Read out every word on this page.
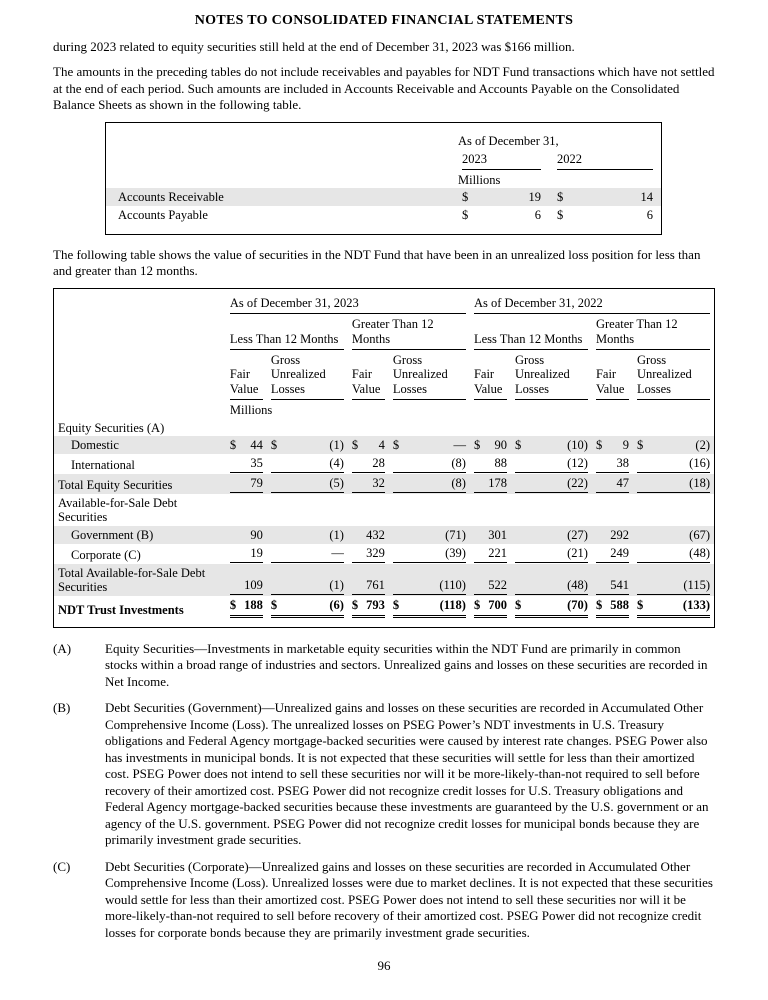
NOTES TO CONSOLIDATED FINANCIAL STATEMENTS

during 2023 related to equity securities still held at the end of December 31, 2023 was $166 million.

The amounts in the preceding tables do not include receivables and payables for NDT Fund transactions which have not settled at the end of each period. Such amounts are included in Accounts Receivable and Accounts Payable on the Consolidated Balance Sheets as shown in the following table.

	As of December 31,	

	2023	2022

	Millions	
Accounts Receivable	$ 19	$ 14

Accounts Payable	$ 6	$ 6

The following table shows the value of securities in the NDT Fund that have been in an unrealized loss position for less than and greater than 12 months.

	As of December 31, 2023				As of December 31, 2022			

	Less Than 12 Months		Greater Than 12 Months		Less Than 12 Months		Greater Than 12 Months	

	Fair Value	Gross Unrealized Losses	Fair Value	Gross Unrealized Losses	Fair Value	Gross Unrealized Losses	Fair Value	Gross Unrealized Losses

	Millions							
Equity Securities (A)								
Domestic	$ 44	$ (1)	$ 4	$ —	$ 90	$ (10)	$ 9	$ (2)

International	35	(4)	28	(8)	88	(12)	38	(16)

Total Equity Securities	79	(5)	32	(8)	178	(22)	47	(18)

Available-for-Sale Debt Securities								
Government (B)	90	(1)	432	(71)	301	(27)	292	(67)

Corporate (C)	19	—	329	(39)	221	(21)	249	(48)

Total Available-for-Sale Debt Securities	109	(1)	761	(110)	522	(48)	541	(115)

NDT Trust Investments	$ 188	$ (6)	$ 793	$ (118)	$ 700	$ (70)	$ 588	$ (133)
(A)	Equity Securities—Investments in marketable equity securities within the NDT Fund are primarily in common stocks within a broad range of industries and sectors. Unrealized gains and losses on these securities are recorded in Net Income.
(B)	Debt Securities (Government)—Unrealized gains and losses on these securities are recorded in Accumulated Other Comprehensive Income (Loss). The unrealized losses on PSEG Power’s NDT investments in U.S. Treasury obligations and Federal Agency mortgage-backed securities were caused by interest rate changes. PSEG Power also has investments in municipal bonds. It is not expected that these securities will settle for less than their amortized cost. PSEG Power does not intend to sell these securities nor will it be more-likely-than-not required to sell before recovery of their amortized cost. PSEG Power did not recognize credit losses for U.S. Treasury obligations and Federal Agency mortgage-backed securities because these investments are guaranteed by the U.S. government or an agency of the U.S. government. PSEG Power did not recognize credit losses for municipal bonds because they are primarily investment grade securities.
(C)	Debt Securities (Corporate)—Unrealized gains and losses on these securities are recorded in Accumulated Other Comprehensive Income (Loss). Unrealized losses were due to market declines. It is not expected that these securities would settle for less than their amortized cost. PSEG Power does not intend to sell these securities nor will it be more-likely-than-not required to sell before recovery of their amortized cost. PSEG Power did not recognize credit losses for corporate bonds because they are primarily investment grade securities.
96
